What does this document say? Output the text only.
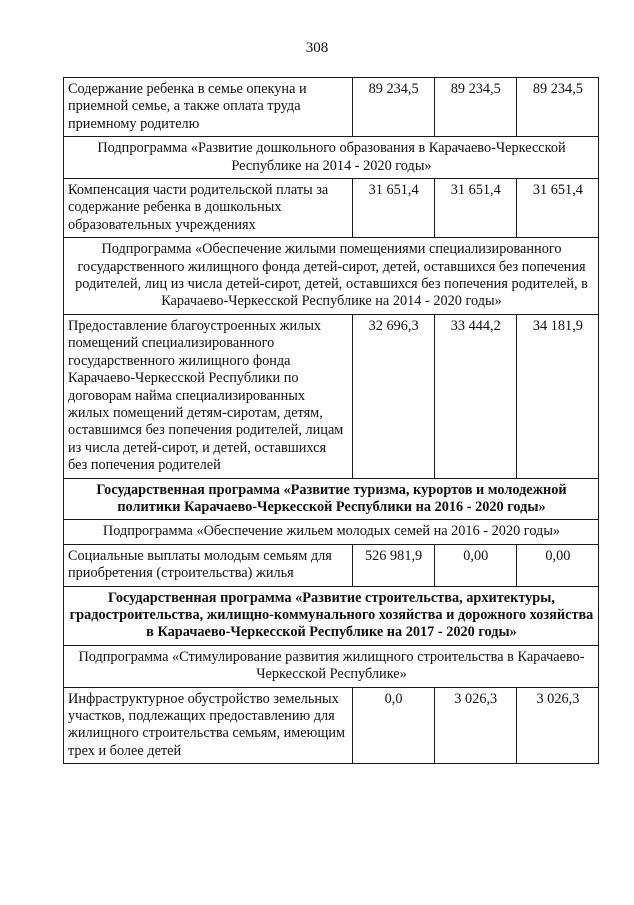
308
Содержание ребенка в семье опекуна и приемной семье, а также оплата труда приемному родителю	89 234,5	89 234,5	89 234,5
Подпрограмма «Развитие дошкольного образования в Карачаево-Черкесской Республике на 2014 - 2020 годы»			
Компенсация части родительской платы за содержание ребенка в дошкольных образовательных учреждениях	31 651,4	31 651,4	31 651,4
Подпрограмма «Обеспечение жилыми помещениями специализированного государственного жилищного фонда детей-сирот, детей, оставшихся без попечения родителей, лиц из числа детей-сирот, детей, оставшихся без попечения родителей, в Карачаево-Черкесской Республике на 2014 - 2020 годы»			
Предоставление благоустроенных жилых помещений специализированного государственного жилищного фонда Карачаево-Черкесской Республики по договорам найма специализированных жилых помещений детям-сиротам, детям, оставшимся без попечения родителей, лицам из числа детей-сирот, и детей, оставшихся без попечения родителей	32 696,3	33 444,2	34 181,9
Государственная программа «Развитие туризма, курортов и молодежной политики Карачаево-Черкесской Республики на 2016 - 2020 годы»			
Подпрограмма «Обеспечение жильем молодых семей на 2016 - 2020 годы»			
Социальные выплаты молодым семьям для приобретения (строительства) жилья	526 981,9	0,00	0,00
Государственная программа «Развитие строительства, архитектуры, градостроительства, жилищно-коммунального хозяйства и дорожного хозяйства в Карачаево-Черкесской Республике на 2017 - 2020 годы»			
Подпрограмма «Стимулирование развития жилищного строительства в Карачаево-Черкесской Республике»			
Инфраструктурное обустройство земельных участков, подлежащих предоставлению для жилищного строительства семьям, имеющим трех и более детей	0,0	3 026,3	3 026,3
